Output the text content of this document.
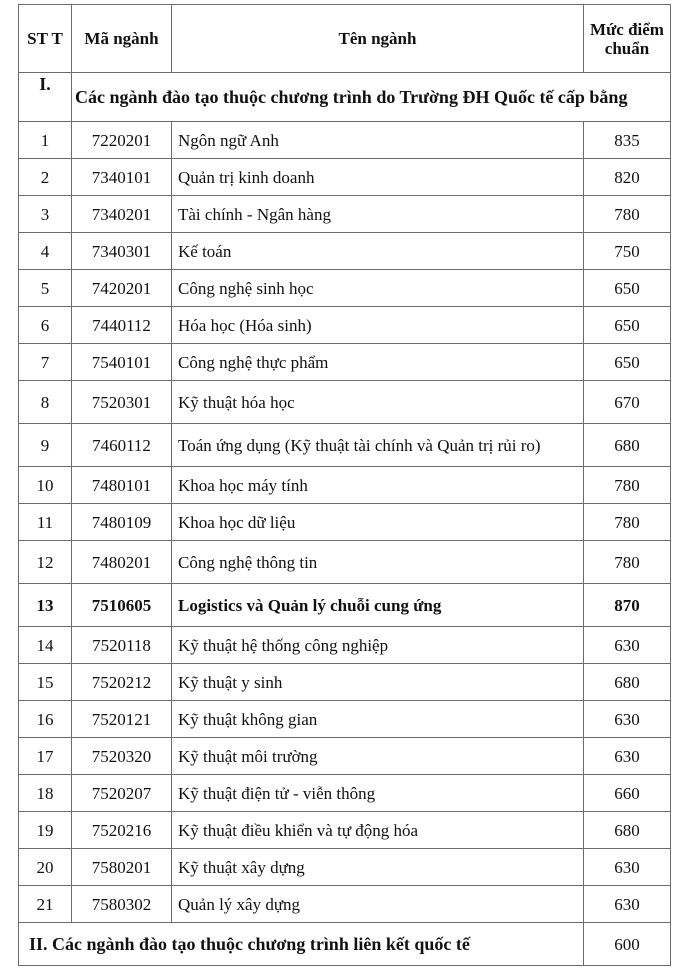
ST T	Mã ngành	Tên ngành	Mức điểm chuẩn
I.	Các ngành đào tạo thuộc chương trình do Trường ĐH Quốc tế cấp bằng		
1	7220201	Ngôn ngữ Anh	835
2	7340101	Quản trị kinh doanh	820
3	7340201	Tài chính - Ngân hàng	780
4	7340301	Kế toán	750
5	7420201	Công nghệ sinh học	650
6	7440112	Hóa học (Hóa sinh)	650
7	7540101	Công nghệ thực phẩm	650
8	7520301	Kỹ thuật hóa học	670
9	7460112	Toán ứng dụng (Kỹ thuật tài chính và Quản trị rủi ro)	680
10	7480101	Khoa học máy tính	780
11	7480109	Khoa học dữ liệu	780
12	7480201	Công nghệ thông tin	780
13	7510605	Logistics và Quản lý chuỗi cung ứng	870
14	7520118	Kỹ thuật hệ thống công nghiệp	630
15	7520212	Kỹ thuật y sinh	680
16	7520121	Kỹ thuật không gian	630
17	7520320	Kỹ thuật môi trường	630
18	7520207	Kỹ thuật điện tử - viễn thông	660
19	7520216	Kỹ thuật điều khiển và tự động hóa	680
20	7580201	Kỹ thuật xây dựng	630
21	7580302	Quản lý xây dựng	630
II. Các ngành đào tạo thuộc chương trình liên kết quốc tế			600
